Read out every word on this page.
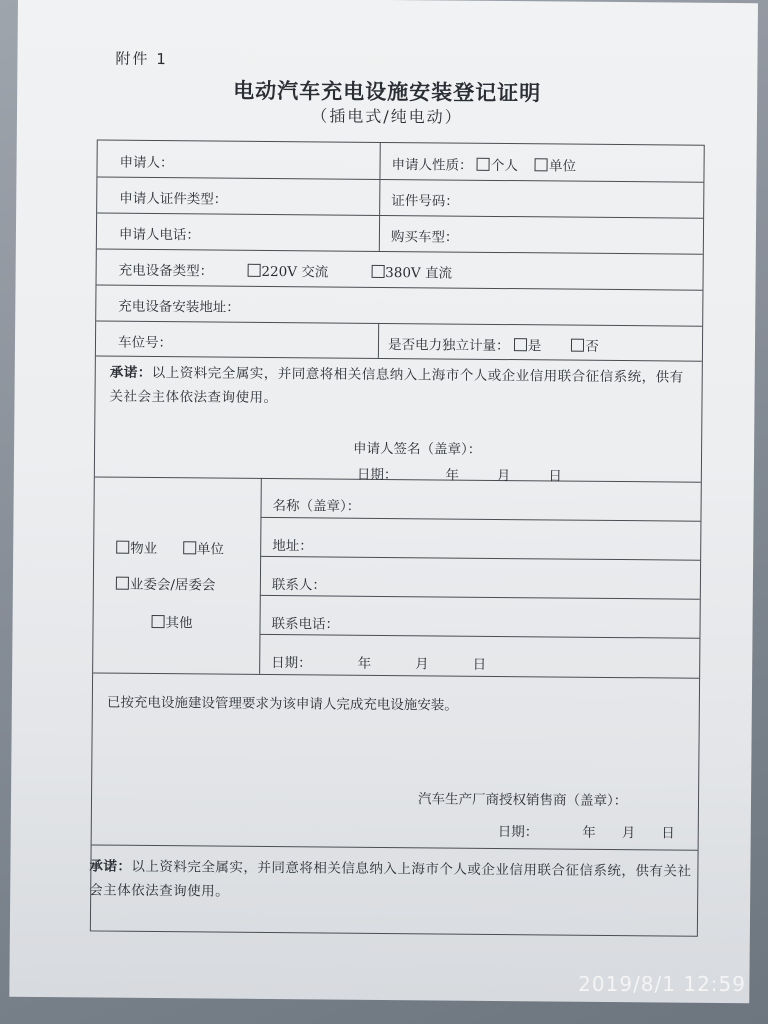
附件 1
电动汽车充电设施安装登记证明
（插电式/纯电动）
申请人：	申请人性质： 个人 单位
申请人证件类型：	证件号码：
申请人电话：	购买车型：
充电设备类型：	220V 交流	380V 直流
充电设备安装地址：
车位号：	是否电力独立计量： 是	否
承诺：以上资料完全属实，并同意将相关信息纳入上海市个人或企业信用联合征信系统，供有关社会主体依法查询使用。
申请人签名（盖章）：
日期：	年	月	日
物业	单位
业委会/居委会
其他
名称（盖章）：
地址：
联系人：
联系电话：
日期：	年	月	日
已按充电设施建设管理要求为该申请人完成充电设施安装。
汽车生产厂商授权销售商（盖章）：
日期：	年 月 日
承诺：以上资料完全属实，并同意将相关信息纳入上海市个人或企业信用联合征信系统，供有关社会主体依法查询使用。
2019/8/1 12:59
